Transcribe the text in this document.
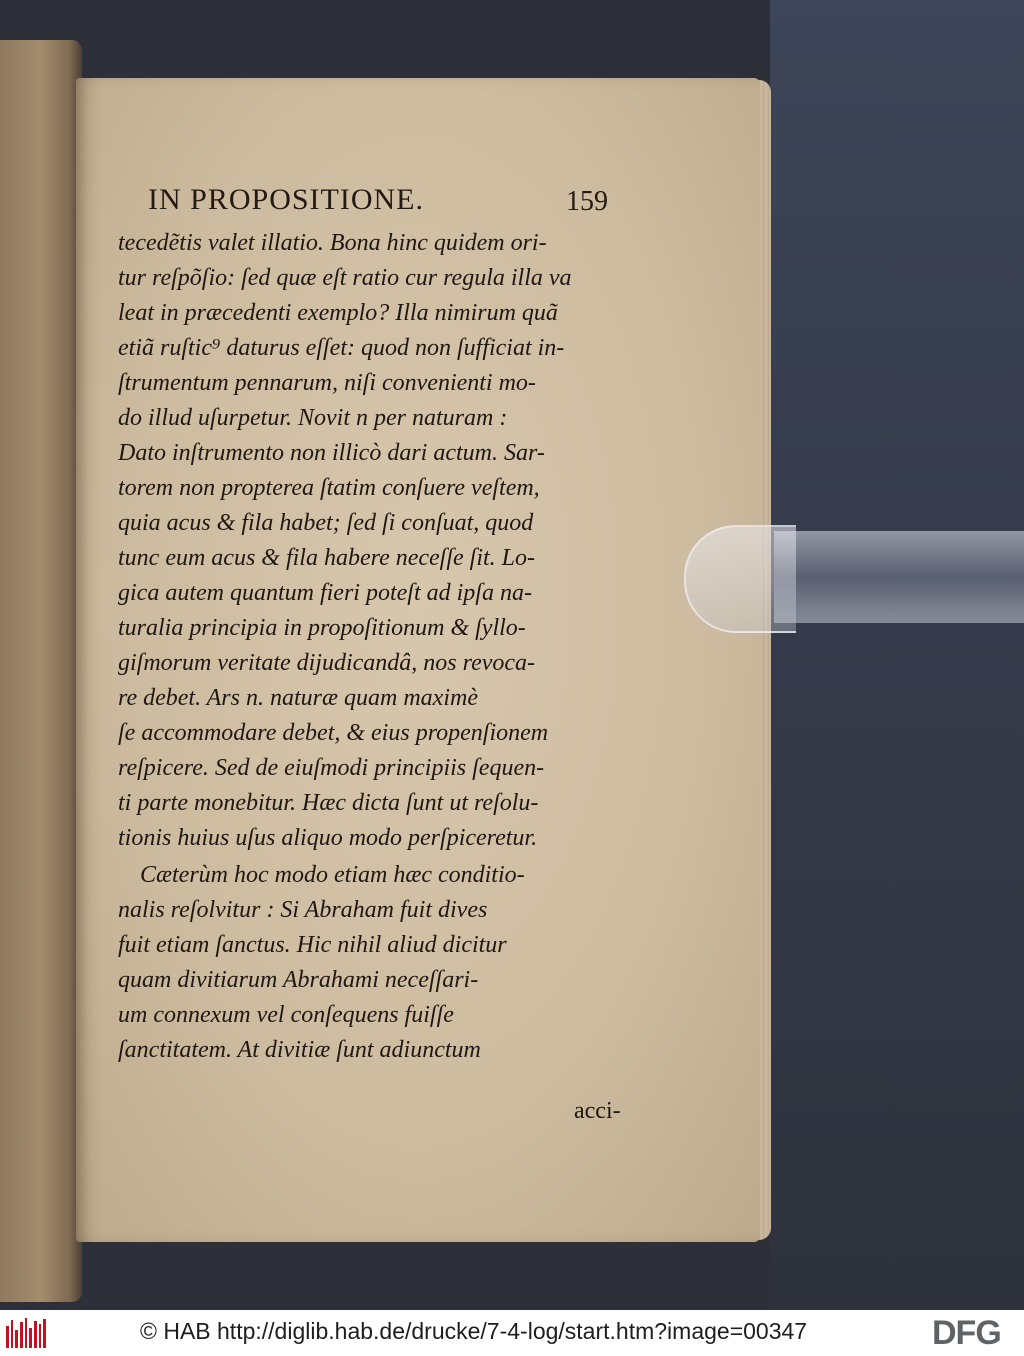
IN PROPOSITIONE.	159
tecedẽtis valet illatio. Bona hinc quidem ori-
tur reſpõſio: ſed quæ eſt ratio cur regula illa va
leat in præcedenti exemplo? Illa nimirum quã
etiã ruſtic⁹ daturus eſſet: quod non ſufficiat in-
ſtrumentum pennarum, niſi convenienti mo-
do illud uſurpetur. Novit n per naturam :
Dato inſtrumento non illicò dari actum. Sar-
torem non propterea ſtatim conſuere veſtem,
quia acus & fila habet; ſed ſi conſuat, quod
tunc eum acus & fila habere neceſſe ſit. Lo-
gica autem quantum fieri poteſt ad ipſa na-
turalia principia in propoſitionum & ſyllo-
giſmorum veritate dijudicandâ, nos revoca-
re debet. Ars n. naturæ quam maximè
ſe accommodare debet, & eius propenſionem
reſpicere. Sed de eiuſmodi principiis ſequen-
ti parte monebitur. Hæc dicta ſunt ut reſolu-
tionis huius uſus aliquo modo perſpiceretur.
Cæterùm hoc modo etiam hæc conditio-
nalis reſolvitur : Si Abraham fuit dives
fuit etiam ſanctus. Hic nihil aliud dicitur
quam divitiarum Abrahami neceſſari-
um connexum vel conſequens fuiſſe
ſanctitatem. At divitiæ ſunt adiunctum
acci-
© HAB http://diglib.hab.de/drucke/7-4-log/start.htm?image=00347	DFG
